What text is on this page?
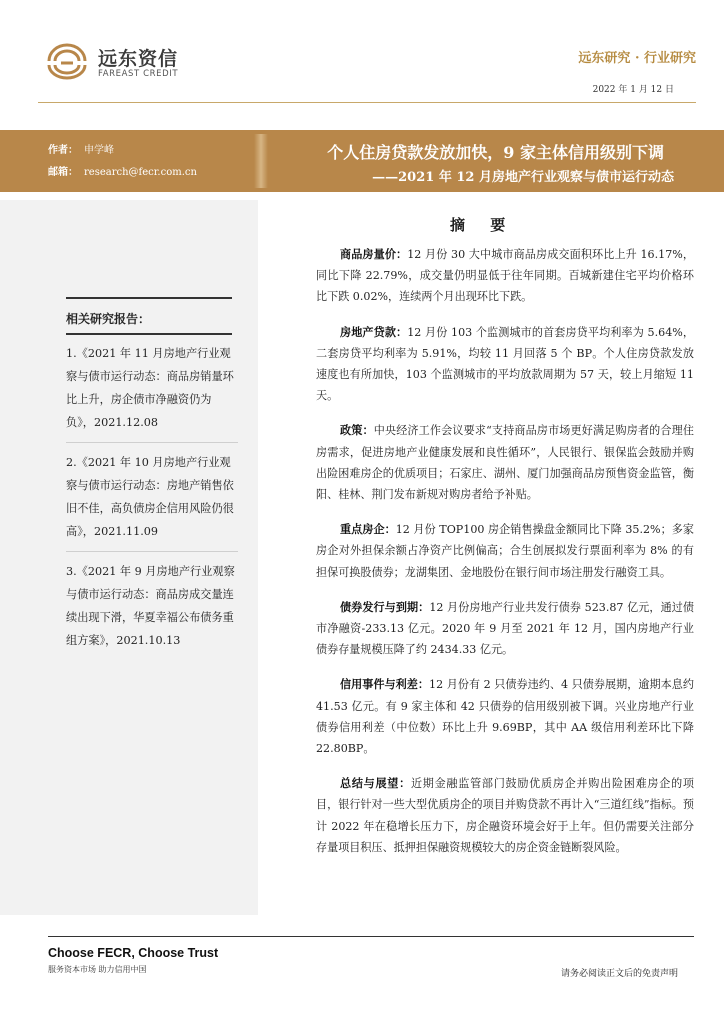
远东资信
FAREAST CREDIT
远东研究 · 行业研究
2022 年 1 月 12 日
作者： 申学峰
邮箱： research@fecr.com.cn
个人住房贷款发放加快，9 家主体信用级别下调
——2021 年 12 月房地产行业观察与债市运行动态
相关研究报告：
1.《2021 年 11 月房地产行业观察与债市运行动态：商品房销量环比上升，房企债市净融资仍为负》，2021.12.08
2.《2021 年 10 月房地产行业观察与债市运行动态：房地产销售依旧不佳，高负债房企信用风险仍很高》，2021.11.09
3.《2021 年 9 月房地产行业观察与债市运行动态：商品房成交量连续出现下滑，华夏幸福公布债务重组方案》，2021.10.13
摘 要

商品房量价：12 月份 30 大中城市商品房成交面积环比上升 16.17%，同比下降 22.79%，成交量仍明显低于往年同期。百城新建住宅平均价格环比下跌 0.02%，连续两个月出现环比下跌。

房地产贷款：12 月份 103 个监测城市的首套房贷平均利率为 5.64%，二套房贷平均利率为 5.91%，均较 11 月回落 5 个 BP。个人住房贷款发放速度也有所加快，103 个监测城市的平均放款周期为 57 天，较上月缩短 11 天。

政策：中央经济工作会议要求“支持商品房市场更好满足购房者的合理住房需求，促进房地产业健康发展和良性循环”，人民银行、银保监会鼓励并购出险困难房企的优质项目；石家庄、湖州、厦门加强商品房预售资金监管，衡阳、桂林、荆门发布新规对购房者给予补贴。

重点房企：12 月份 TOP100 房企销售操盘金额同比下降 35.2%；多家房企对外担保余额占净资产比例偏高；合生创展拟发行票面利率为 8% 的有担保可换股债券；龙湖集团、金地股份在银行间市场注册发行融资工具。

债券发行与到期：12 月份房地产行业共发行债券 523.87 亿元，通过债市净融资-233.13 亿元。2020 年 9 月至 2021 年 12 月，国内房地产行业债券存量规模压降了约 2434.33 亿元。

信用事件与利差：12 月份有 2 只债券违约、4 只债券展期，逾期本息约 41.53 亿元。有 9 家主体和 42 只债券的信用级别被下调。兴业房地产行业债券信用利差（中位数）环比上升 9.69BP，其中 AA 级信用利差环比下降 22.80BP。

总结与展望：近期金融监管部门鼓励优质房企并购出险困难房企的项目，银行针对一些大型优质房企的项目并购贷款不再计入“三道红线”指标。预计 2022 年在稳增长压力下，房企融资环境会好于上年。但仍需要关注部分存量项目积压、抵押担保融资规模较大的房企资金链断裂风险。

Choose FECR, Choose Trust
服务资本市场 助力信用中国	请务必阅读正文后的免责声明
